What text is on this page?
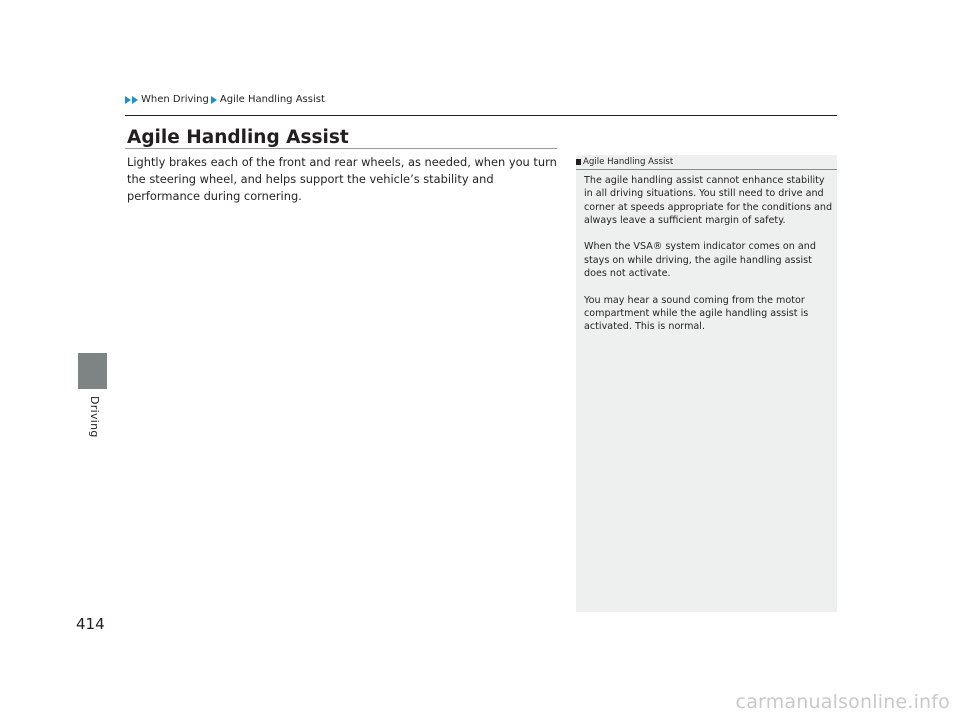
When Driving Agile Handling Assist
Driving
Agile Handling Assist

Lightly brakes each of the front and rear wheels, as needed, when you turn the steering wheel, and helps support the vehicle’s stability and performance during cornering.

Agile Handling Assist

The agile handling assist cannot enhance stability in all driving situations. You still need to drive and corner at speeds appropriate for the conditions and always leave a sufficient margin of safety.

When the VSA® system indicator comes on and stays on while driving, the agile handling assist does not activate.

You may hear a sound coming from the motor compartment while the agile handling assist is activated. This is normal.

414
carmanualsonline.info
